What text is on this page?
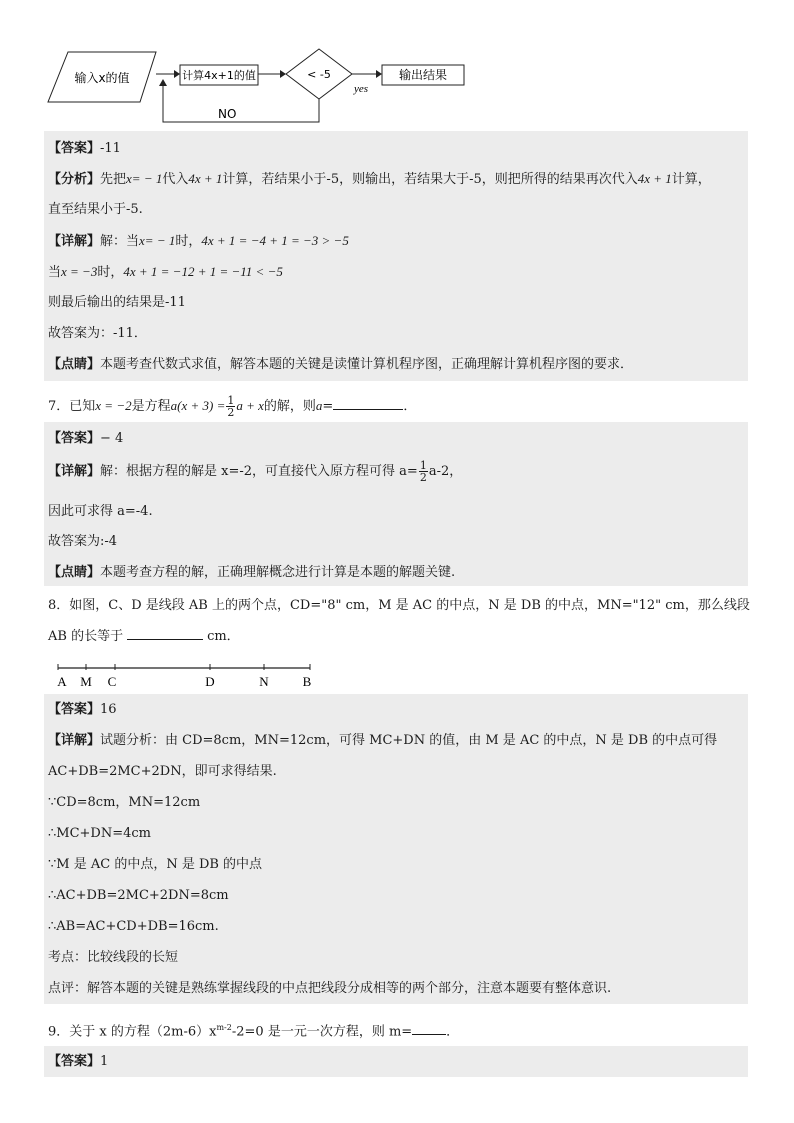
输入x的值	计算4x+1的值	< -5
yes
输出结果
NO
【答案】-11
【分析】先把x= − 1代入4x + 1计算，若结果小于-5，则输出，若结果大于-5，则把所得的结果再次代入4x + 1计算，
直至结果小于-5.
【详解】解：当x= − 1时，4x + 1 = −4 + 1 = −3 > −5
当x = −3时，4x + 1 = −12 + 1 = −11 < −5
则最后输出的结果是-11
故答案为：-11．
【点睛】本题考查代数式求值，解答本题的关键是读懂计算机程序图，正确理解计算机程序图的要求．
7．已知x = −2是方程$a(x + 3) = \frac{1}{2}$ a + x的解，则a=	．
【答案】− 4
【详解】解：根据方程的解是 x=-2，可直接代入原方程可得 $a= \frac{1}{2} a-2$，
因此可求得 a=-4.
故答案为:-4
【点睛】本题考查方程的解，正确理解概念进行计算是本题的解题关键.
8．如图，C、D 是线段 AB 上的两个点，CD="8" cm，M 是 AC 的中点，N 是 DB 的中点，MN="12" cm，那么线段
AB 的长等于	cm．
A M C	D	N	B
【答案】16
【详解】试题分析：由 CD=8cm，MN=12cm，可得 MC+DN 的值，由 M 是 AC 的中点，N 是 DB 的中点可得
AC+DB=2MC+2DN，即可求得结果.
∵CD=8cm，MN=12cm
∴MC+DN=4cm
∵M 是 AC 的中点，N 是 DB 的中点
∴AC+DB=2MC+2DN=8cm
∴AB=AC+CD+DB=16cm.
考点：比较线段的长短
点评：解答本题的关键是熟练掌握线段的中点把线段分成相等的两个部分，注意本题要有整体意识.
9．关于 x 的方程$(2m-6)x^{m-2}-2=0$ 是一元一次方程，则 m=	．
【答案】1
